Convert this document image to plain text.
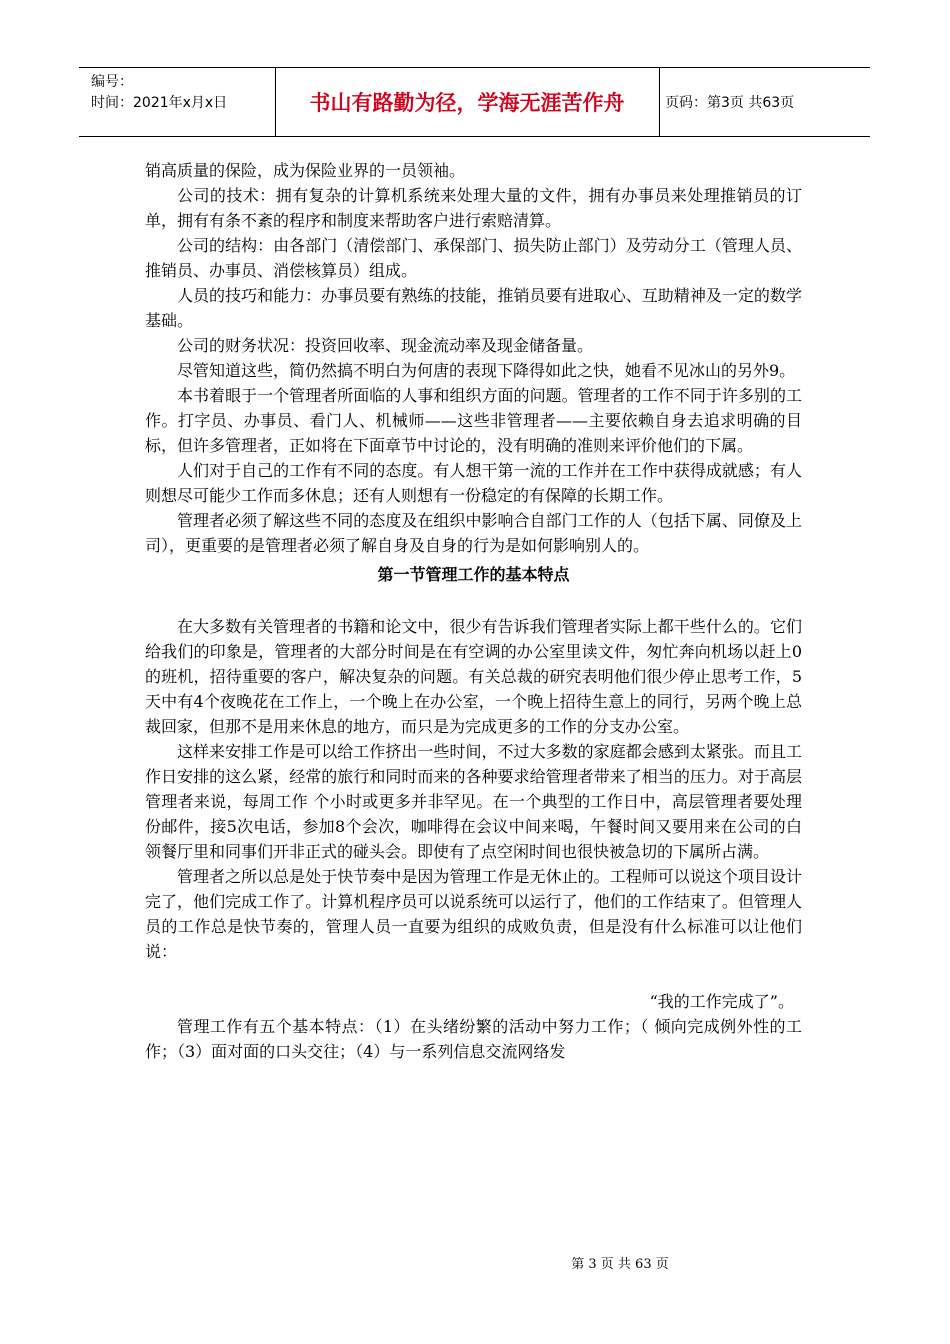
编号：
时间：2021年x月x日	书山有路勤为径，学海无涯苦作舟	页码：第3页 共63页

销高质量的保险，成为保险业界的一员领袖。

公司的技术：拥有复杂的计算机系统来处理大量的文件，拥有办事员来处理推销员的订单，拥有有条不紊的程序和制度来帮助客户进行索赔清算。

公司的结构：由各部门（清偿部门、承保部门、损失防止部门）及劳动分工（管理人员、推销员、办事员、消偿核算员）组成。

人员的技巧和能力：办事员要有熟练的技能，推销员要有进取心、互助精神及一定的数学基础。

公司的财务状况：投资回收率、现金流动率及现金储备量。

尽管知道这些，简仍然搞不明白为何唐的表现下降得如此之快，她看不见冰山的另外9。

本书着眼于一个管理者所面临的人事和组织方面的问题。管理者的工作不同于许多别的工作。打字员、办事员、看门人、机械师——这些非管理者——主要依赖自身去追求明确的目标，但许多管理者，正如将在下面章节中讨论的，没有明确的准则来评价他们的下属。

人们对于自己的工作有不同的态度。有人想干第一流的工作并在工作中获得成就感；有人则想尽可能少工作而多休息；还有人则想有一份稳定的有保障的长期工作。

管理者必须了解这些不同的态度及在组织中影响合自部门工作的人（包括下属、同僚及上司），更重要的是管理者必须了解自身及自身的行为是如何影响别人的。

第一节管理工作的基本特点

在大多数有关管理者的书籍和论文中，很少有告诉我们管理者实际上都干些什么的。它们给我们的印象是，管理者的大部分时间是在有空调的办公室里读文件，匆忙奔向机场以赶上0的班机，招待重要的客户，解决复杂的问题。有关总裁的研究表明他们很少停止思考工作，5天中有4个夜晚花在工作上，一个晚上在办公室，一个晚上招待生意上的同行，另两个晚上总裁回家，但那不是用来休息的地方，而只是为完成更多的工作的分支办公室。

这样来安排工作是可以给工作挤出一些时间，不过大多数的家庭都会感到太紧张。而且工作日安排的这么紧，经常的旅行和同时而来的各种要求给管理者带来了相当的压力。对于高层管理者来说，每周工作 个小时或更多并非罕见。在一个典型的工作日中，高层管理者要处理 份邮件，接5次电话，参加8个会次，咖啡得在会议中间来喝，午餐时间又要用来在公司的白领餐厅里和同事们开非正式的碰头会。即使有了点空闲时间也很快被急切的下属所占满。

管理者之所以总是处于快节奏中是因为管理工作是无休止的。工程师可以说这个项目设计完了，他们完成工作了。计算机程序员可以说系统可以运行了，他们的工作结束了。但管理人员的工作总是快节奏的，管理人员一直要为组织的成败负责，但是没有什么标准可以让他们说：

“我的工作完成了”。

管理工作有五个基本特点：（1）在头绪纷繁的活动中努力工作；（ 倾向完成例外性的工作；（3）面对面的口头交往；（4）与一系列信息交流网络发

第 3 页 共 63 页
